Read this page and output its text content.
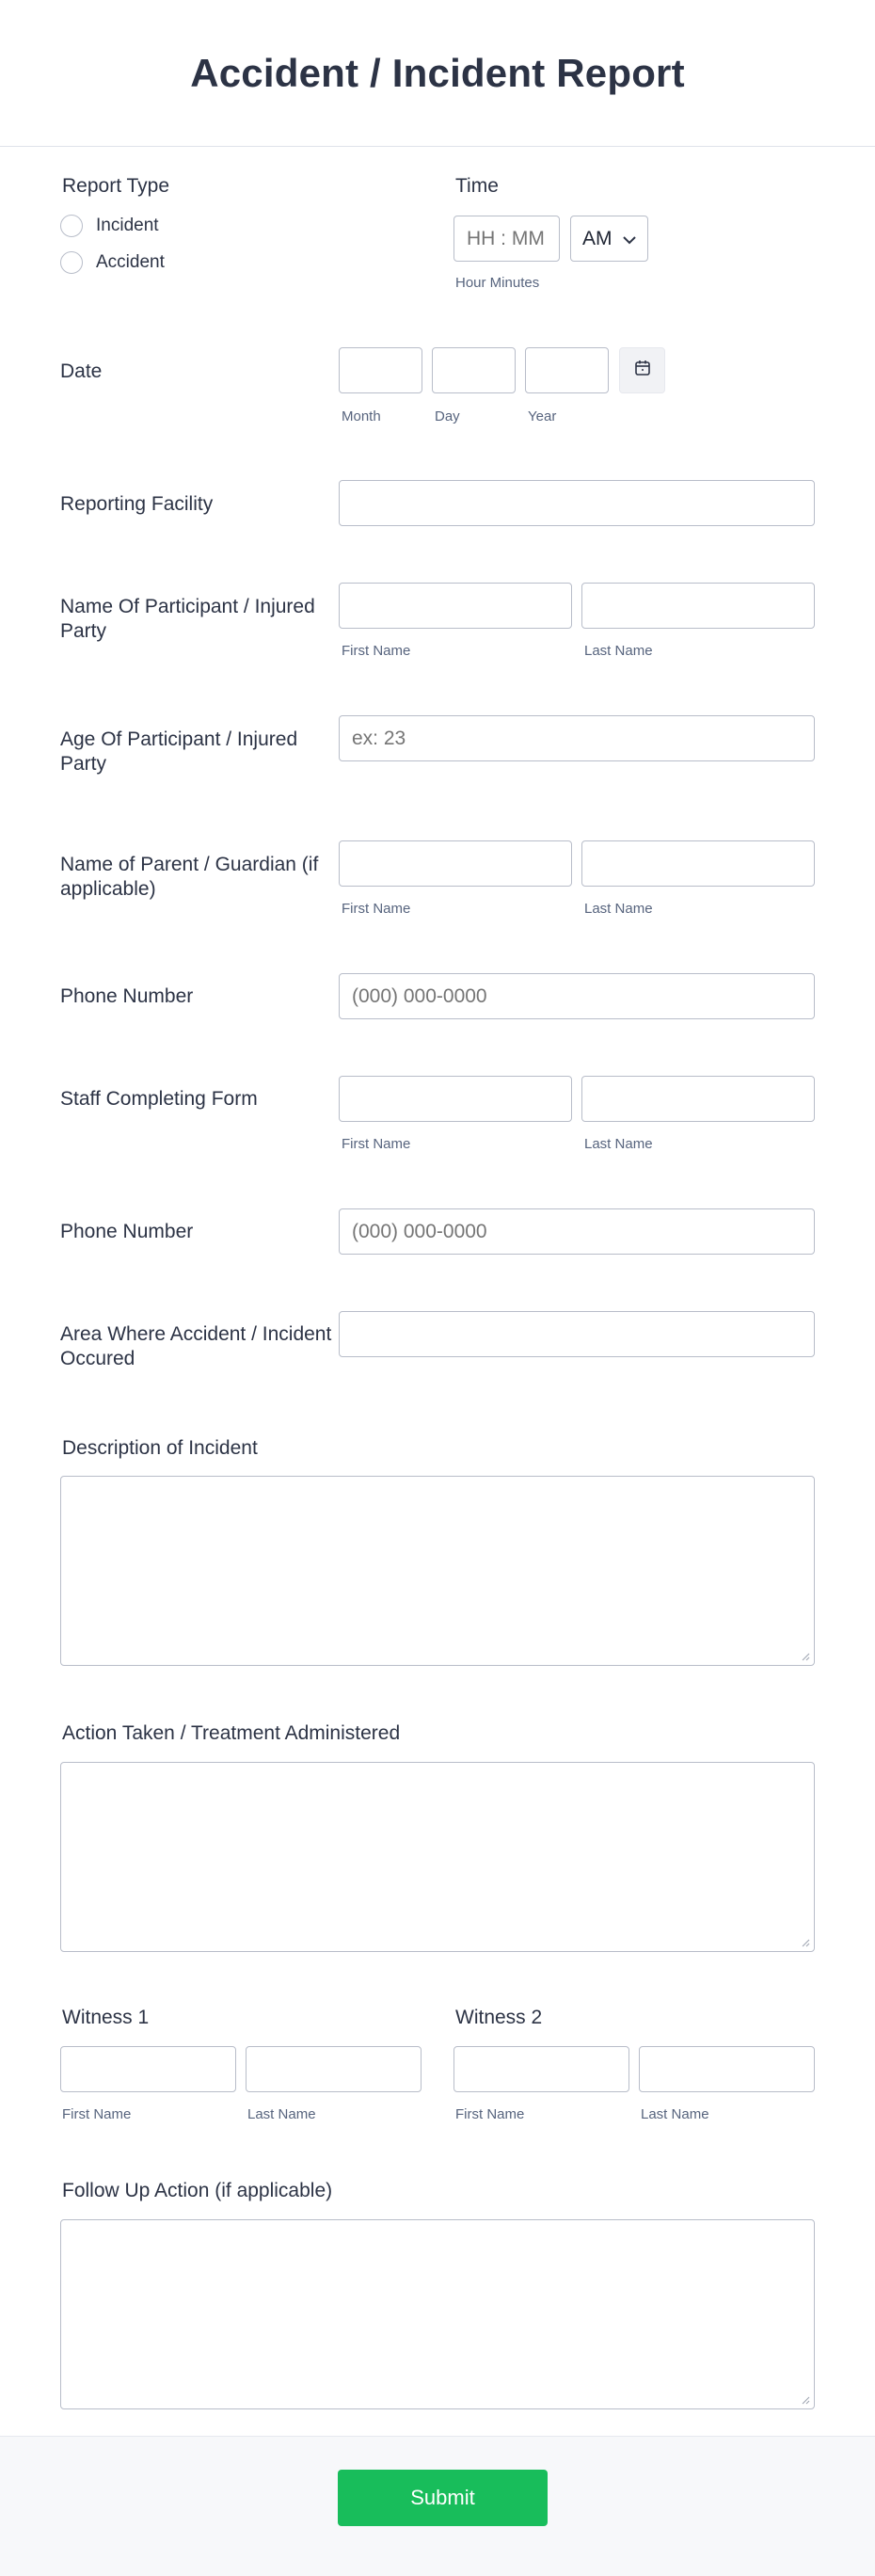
Accident / Incident Report
Report Type
Incident
Accident
Time
HH : MM
AM
Hour Minutes
Date
Month	Day	Year
Reporting Facility
Name Of Participant / Injured Party
First Name	Last Name
Age Of Participant / Injured Party
ex: 23
Name of Parent / Guardian (if applicable)
First Name	Last Name
Phone Number
(000) 000-0000
Staff Completing Form
First Name	Last Name
Phone Number
(000) 000-0000
Area Where Accident / Incident Occured
Description of Incident
Action Taken / Treatment Administered
Witness 1
First Name	Last Name
Witness 2
First Name	Last Name
Follow Up Action (if applicable)
Submit
